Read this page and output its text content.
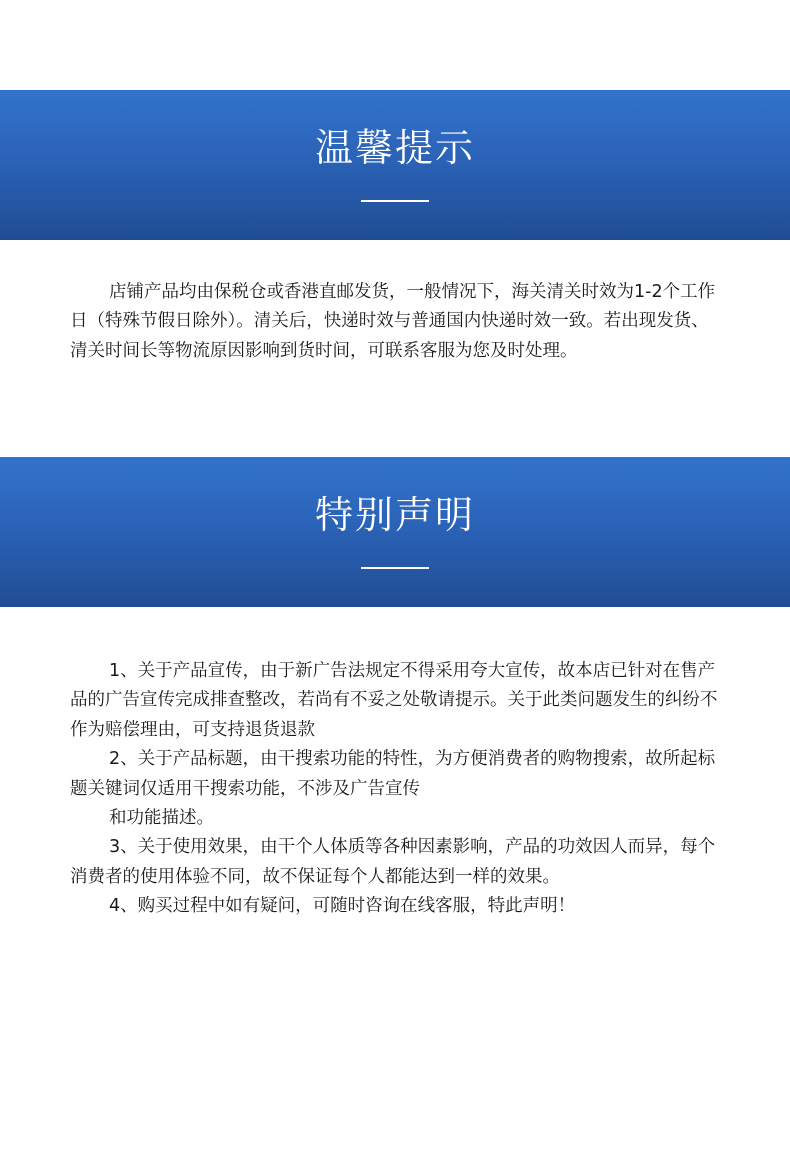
温馨提示

店铺产品均由保税仓或香港直邮发货，一般情况下，海关清关时效为1-2个工作日（特殊节假日除外）。清关后，快递时效与普通国内快递时效一致。若出现发货、清关时间长等物流原因影响到货时间，可联系客服为您及时处理。

特别声明

1、关于产品宣传，由于新广告法规定不得采用夸大宣传，故本店已针对在售产品的广告宣传完成排查整改，若尚有不妥之处敬请提示。关于此类问题发生的纠纷不作为赔偿理由，可支持退货退款

2、关于产品标题，由干搜索功能的特性，为方便消费者的购物搜索，故所起标题关键词仅适用干搜索功能，不涉及广告宣传

和功能描述。

3、关于使用效果，由干个人体质等各种因素影响，产品的功效因人而异，每个消费者的使用体验不同，故不保证每个人都能达到一样的效果。

4、购买过程中如有疑问，可随时咨询在线客服，特此声明！
